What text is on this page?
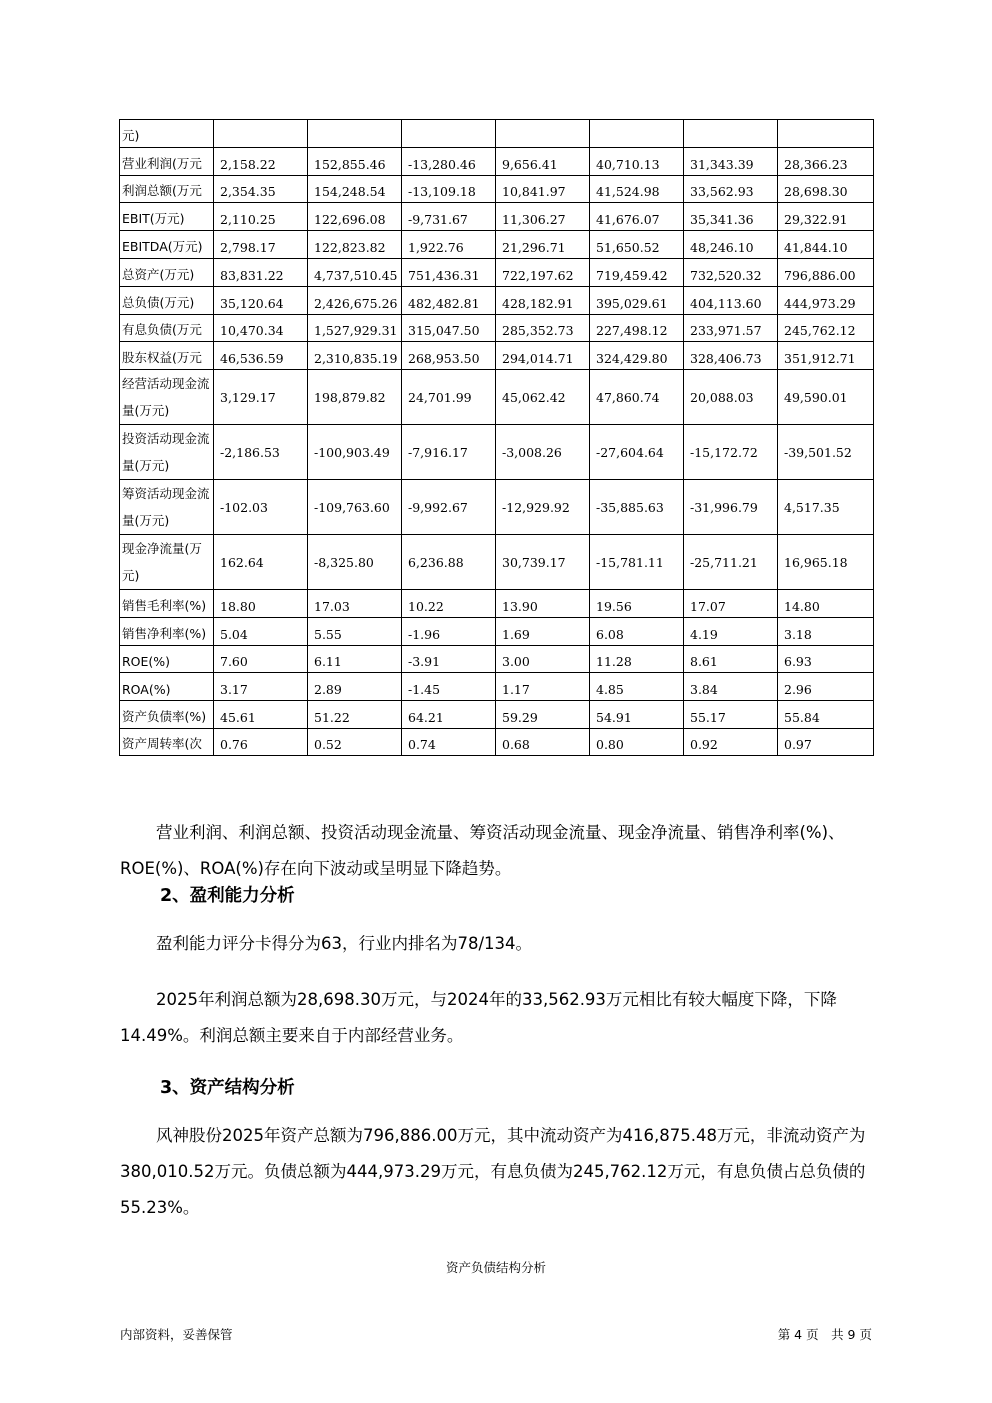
元)							
营业利润(万元	2,158.22	152,855.46	-13,280.46	9,656.41	40,710.13	31,343.39	28,366.23
利润总额(万元	2,354.35	154,248.54	-13,109.18	10,841.97	41,524.98	33,562.93	28,698.30
EBIT(万元)	2,110.25	122,696.08	-9,731.67	11,306.27	41,676.07	35,341.36	29,322.91
EBITDA(万元)	2,798.17	122,823.82	1,922.76	21,296.71	51,650.52	48,246.10	41,844.10
总资产(万元)	83,831.22	4,737,510.45	751,436.31	722,197.62	719,459.42	732,520.32	796,886.00
总负债(万元)	35,120.64	2,426,675.26	482,482.81	428,182.91	395,029.61	404,113.60	444,973.29
有息负债(万元	10,470.34	1,527,929.31	315,047.50	285,352.73	227,498.12	233,971.57	245,762.12
股东权益(万元	46,536.59	2,310,835.19	268,953.50	294,014.71	324,429.80	328,406.73	351,912.71
经营活动现金流量(万元)	3,129.17	198,879.82	24,701.99	45,062.42	47,860.74	20,088.03	49,590.01
投资活动现金流量(万元)	-2,186.53	-100,903.49	-7,916.17	-3,008.26	-27,604.64	-15,172.72	-39,501.52
筹资活动现金流量(万元)	-102.03	-109,763.60	-9,992.67	-12,929.92	-35,885.63	-31,996.79	4,517.35
现金净流量(万元)	162.64	-8,325.80	6,236.88	30,739.17	-15,781.11	-25,711.21	16,965.18
销售毛利率(%)	18.80	17.03	10.22	13.90	19.56	17.07	14.80
销售净利率(%)	5.04	5.55	-1.96	1.69	6.08	4.19	3.18
ROE(%)	7.60	6.11	-3.91	3.00	11.28	8.61	6.93
ROA(%)	3.17	2.89	-1.45	1.17	4.85	3.84	2.96
资产负债率(%)	45.61	51.22	64.21	59.29	54.91	55.17	55.84
资产周转率(次	0.76	0.52	0.74	0.68	0.80	0.92	0.97
营业利润、利润总额、投资活动现金流量、筹资活动现金流量、现金净流量、销售净利率(%)、ROE(%)、ROA(%)存在向下波动或呈明显下降趋势。
2、盈利能力分析
盈利能力评分卡得分为63，行业内排名为78/134。
2025年利润总额为28,698.30万元，与2024年的33,562.93万元相比有较大幅度下降，下降14.49%。利润总额主要来自于内部经营业务。
3、资产结构分析
风神股份2025年资产总额为796,886.00万元，其中流动资产为416,875.48万元，非流动资产为380,010.52万元。负债总额为444,973.29万元，有息负债为245,762.12万元，有息负债占总负债的55.23%。
资产负债结构分析
内部资料，妥善保管	第 4 页　共 9 页
